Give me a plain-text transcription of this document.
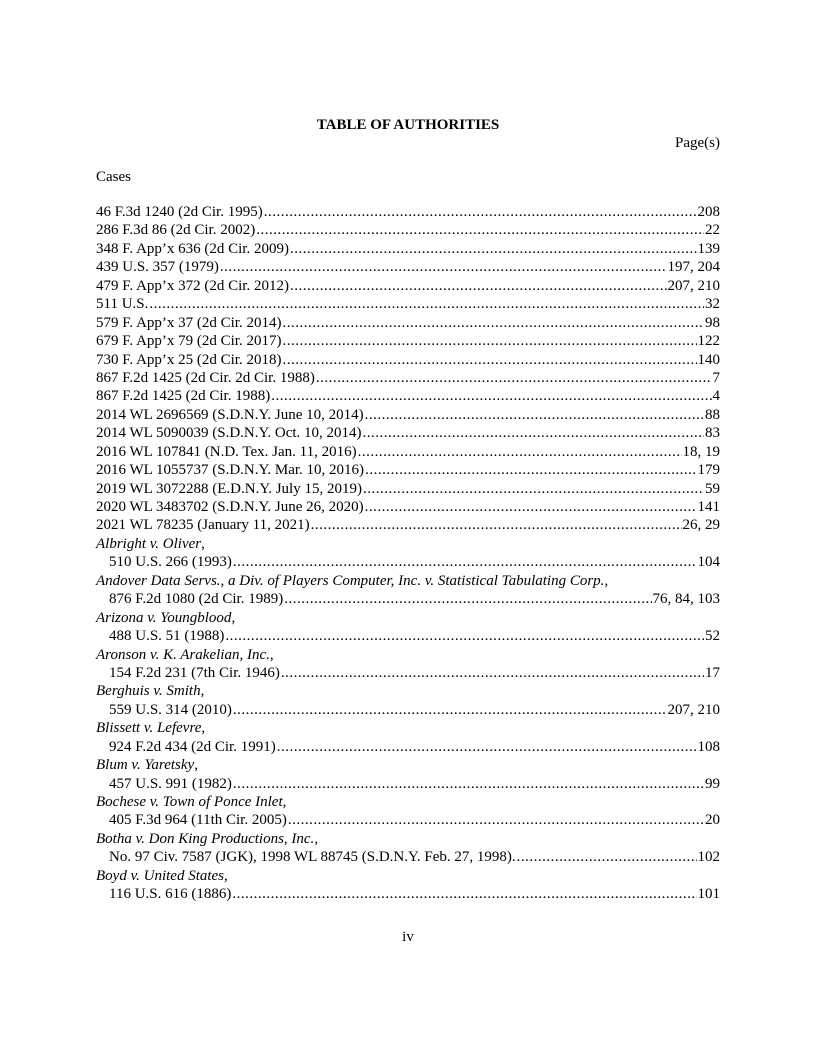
TABLE OF AUTHORITIES
Page(s)
Cases
46 F.3d 1240 (2d Cir. 1995) .....	208
286 F.3d 86 (2d Cir. 2002) .....	22
348 F. App’x 636 (2d Cir. 2009) .....	139
439 U.S. 357 (1979) .....	197, 204
479 F. App’x 372 (2d Cir. 2012) .....	207, 210
511 U.S. .....	32
579 F. App’x 37 (2d Cir. 2014) .....	98
679 F. App’x 79 (2d Cir. 2017) .....	122
730 F. App’x 25 (2d Cir. 2018) .....	140
867 F.2d 1425 (2d Cir. 2d Cir. 1988) .....	7
867 F.2d 1425 (2d Cir. 1988) .....	4
2014 WL 2696569 (S.D.N.Y. June 10, 2014) .....	88
2014 WL 5090039 (S.D.N.Y. Oct. 10, 2014) .....	83
2016 WL 107841 (N.D. Tex. Jan. 11, 2016) .....	18, 19
2016 WL 1055737 (S.D.N.Y. Mar. 10, 2016) .....	179
2019 WL 3072288 (E.D.N.Y. July 15, 2019) .....	59
2020 WL 3483702 (S.D.N.Y. June 26, 2020) .....	141
2021 WL 78235 (January 11, 2021) .....	26, 29
Albright v. Oliver,
510 U.S. 266 (1993) .....	104
Andover Data Servs., a Div. of Players Computer, Inc. v. Statistical Tabulating Corp.,
876 F.2d 1080 (2d Cir. 1989) .....	76, 84, 103
Arizona v. Youngblood,
488 U.S. 51 (1988) .....	52
Aronson v. K. Arakelian, Inc.,
154 F.2d 231 (7th Cir. 1946) .....	17
Berghuis v. Smith,
559 U.S. 314 (2010) .....	207, 210
Blissett v. Lefevre,
924 F.2d 434 (2d Cir. 1991) .....	108
Blum v. Yaretsky,
457 U.S. 991 (1982) .....	99
Bochese v. Town of Ponce Inlet,
405 F.3d 964 (11th Cir. 2005) .....	20
Botha v. Don King Productions, Inc.,
No. 97 Civ. 7587 (JGK), 1998 WL 88745 (S.D.N.Y. Feb. 27, 1998). .....	102
Boyd v. United States,
116 U.S. 616 (1886) .....	101
iv
